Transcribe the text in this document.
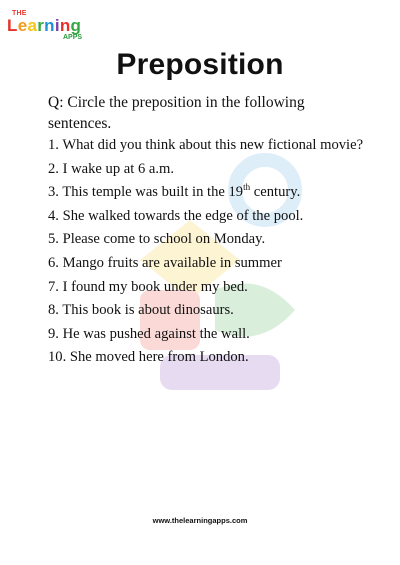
THE
Learning
APPS
Preposition
Q: Circle the preposition in the following sentences.
1. What did you think about this new fictional movie?
2. I wake up at 6 a.m.
3. This temple was built in the 19th century.
4. She walked towards the edge of the pool.
5. Please come to school on Monday.
6. Mango fruits are available in summer
7. I found my book under my bed.
8. This book is about dinosaurs.
9. He was pushed against the wall.
10. She moved here from London.
www.thelearningapps.com
